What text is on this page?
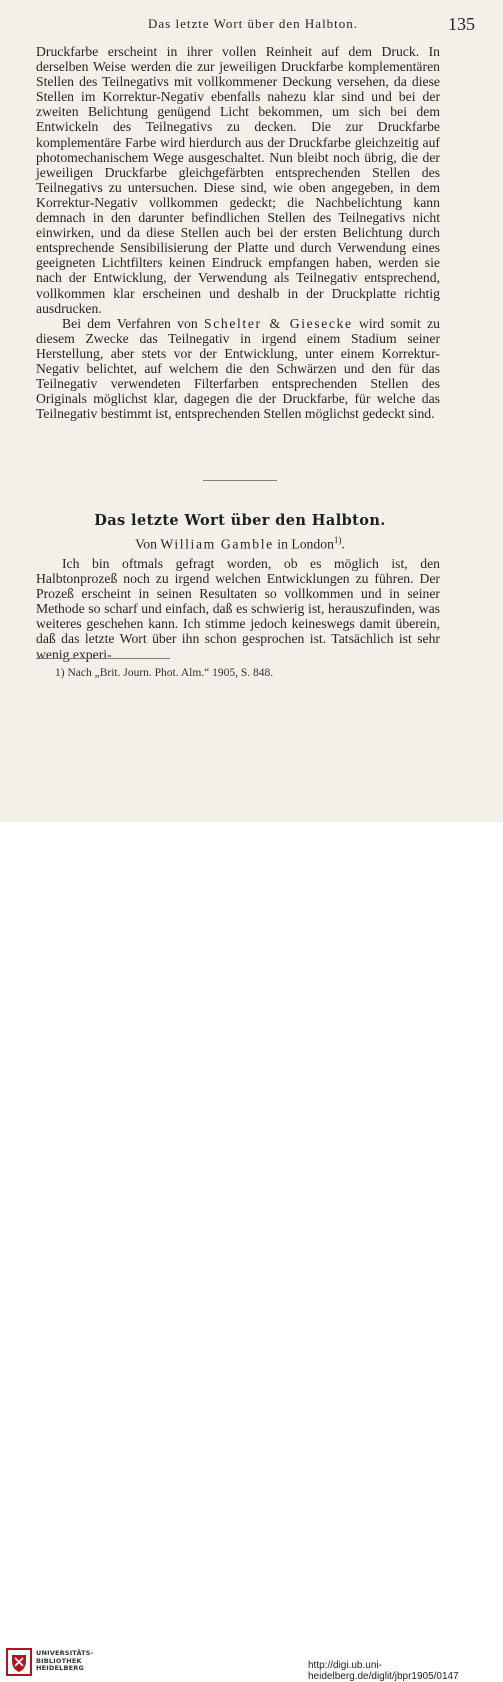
Das letzte Wort über den Halbton.	135

Druckfarbe erscheint in ihrer vollen Reinheit auf dem Druck. In derselben Weise werden die zur jeweiligen Druckfarbe komplementären Stellen des Teilnegativs mit vollkommener Deckung versehen, da diese Stellen im Korrektur-Negativ ebenfalls nahezu klar sind und bei der zweiten Belichtung genügend Licht bekommen, um sich bei dem Entwickeln des Teilnegativs zu decken. Die zur Druckfarbe komplementäre Farbe wird hierdurch aus der Druckfarbe gleichzeitig auf photomechanischem Wege ausgeschaltet. Nun bleibt noch übrig, die der jeweiligen Druckfarbe gleichgefärbten entsprechenden Stellen des Teilnegativs zu untersuchen. Diese sind, wie oben angegeben, in dem Korrektur-Negativ vollkommen gedeckt; die Nachbelichtung kann demnach in den darunter befindlichen Stellen des Teilnegativs nicht einwirken, und da diese Stellen auch bei der ersten Belichtung durch entsprechende Sensibilisierung der Platte und durch Verwendung eines geeigneten Lichtfilters keinen Eindruck empfangen haben, werden sie nach der Entwicklung, der Verwendung als Teilnegativ entsprechend, vollkommen klar erscheinen und deshalb in der Druckplatte richtig ausdrucken.

Bei dem Verfahren von Schelter & Giesecke wird somit zu diesem Zwecke das Teilnegativ in irgend einem Stadium seiner Herstellung, aber stets vor der Entwicklung, unter einem Korrektur-Negativ belichtet, auf welchem die den Schwärzen und den für das Teilnegativ verwendeten Filterfarben entsprechenden Stellen des Originals möglichst klar, dagegen die der Druckfarbe, für welche das Teilnegativ bestimmt ist, entsprechenden Stellen möglichst gedeckt sind.

Das letzte Wort über den Halbton.
Von William Gamble in London$^{1)}$.

Ich bin oftmals gefragt worden, ob es möglich ist, den Halbtonprozeß noch zu irgend welchen Entwicklungen zu führen. Der Prozeß erscheint in seinen Resultaten so vollkommen und in seiner Methode so scharf und einfach, daß es schwierig ist, herauszufinden, was weiteres geschehen kann. Ich stimme jedoch keineswegs damit überein, daß das letzte Wort über ihn schon gesprochen ist. Tatsächlich ist sehr wenig experi-

1) Nach „Brit. Journ. Phot. Alm.“ 1905, S. 848.
UNIVERSITÄTS-
BIBLIOTHEK
HEIDELBERG	http://digi.ub.uni-heidelberg.de/diglit/jbpr1905/0147
